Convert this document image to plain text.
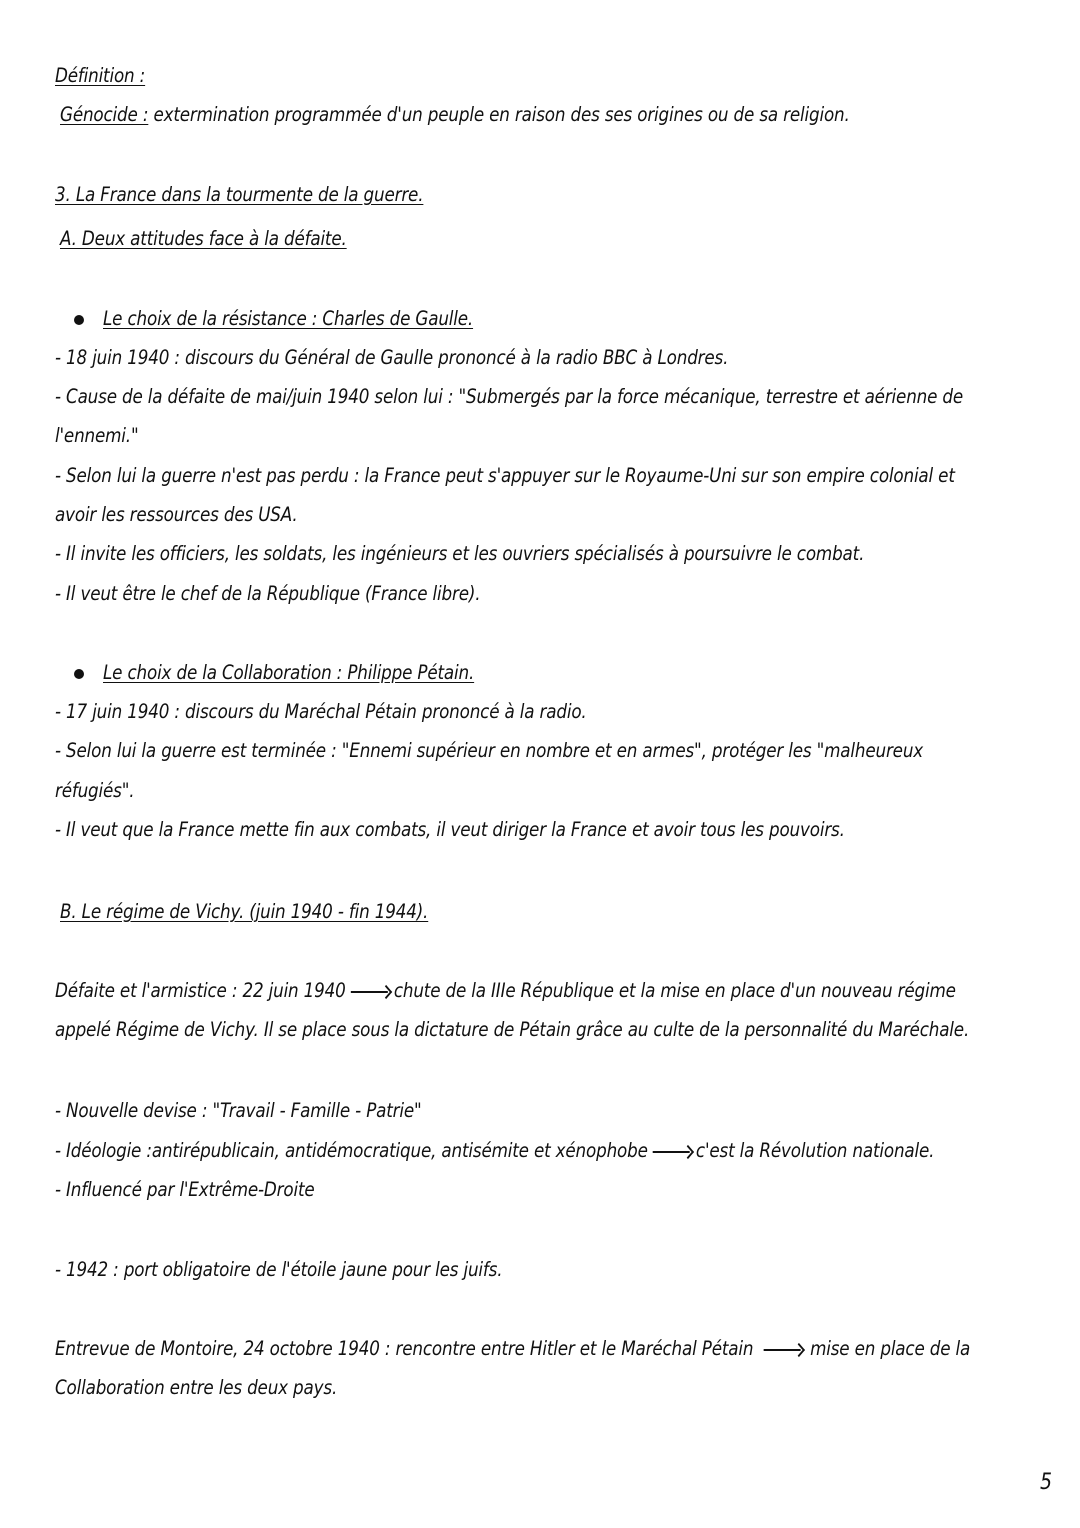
Définition :
Génocide : extermination programmée d'un peuple en raison des ses origines ou de sa religion.
3. La France dans la tourmente de la guerre.
A. Deux attitudes face à la défaite.
Le choix de la résistance : Charles de Gaulle.
- 18 juin 1940 : discours du Général de Gaulle prononcé à la radio BBC à Londres.
- Cause de la défaite de mai/juin 1940 selon lui : "Submergés par la force mécanique, terrestre et aérienne de
l'ennemi."
- Selon lui la guerre n'est pas perdu : la France peut s'appuyer sur le Royaume-Uni sur son empire colonial et
avoir les ressources des USA.
- Il invite les officiers, les soldats, les ingénieurs et les ouvriers spécialisés à poursuivre le combat.
- Il veut être le chef de la République (France libre).
Le choix de la Collaboration : Philippe Pétain.
- 17 juin 1940 : discours du Maréchal Pétain prononcé à la radio.
- Selon lui la guerre est terminée : "Ennemi supérieur en nombre et en armes", protéger les "malheureux
réfugiés".
- Il veut que la France mette fin aux combats, il veut diriger la France et avoir tous les pouvoirs.
B. Le régime de Vichy. (juin 1940 - fin 1944).
Défaite et l'armistice : 22 juin 1940 chute de la IIIe République et la mise en place d'un nouveau régime
appelé Régime de Vichy. Il se place sous la dictature de Pétain grâce au culte de la personnalité du Maréchale.
- Nouvelle devise : "Travail - Famille - Patrie"
- Idéologie :antirépublicain, antidémocratique, antisémite et xénophobe c'est la Révolution nationale.
- Influencé par l'Extrême-Droite
- 1942 : port obligatoire de l'étoile jaune pour les juifs.
Entrevue de Montoire, 24 octobre 1940 : rencontre entre Hitler et le Maréchal Pétain	mise en place de la
Collaboration entre les deux pays.
5
